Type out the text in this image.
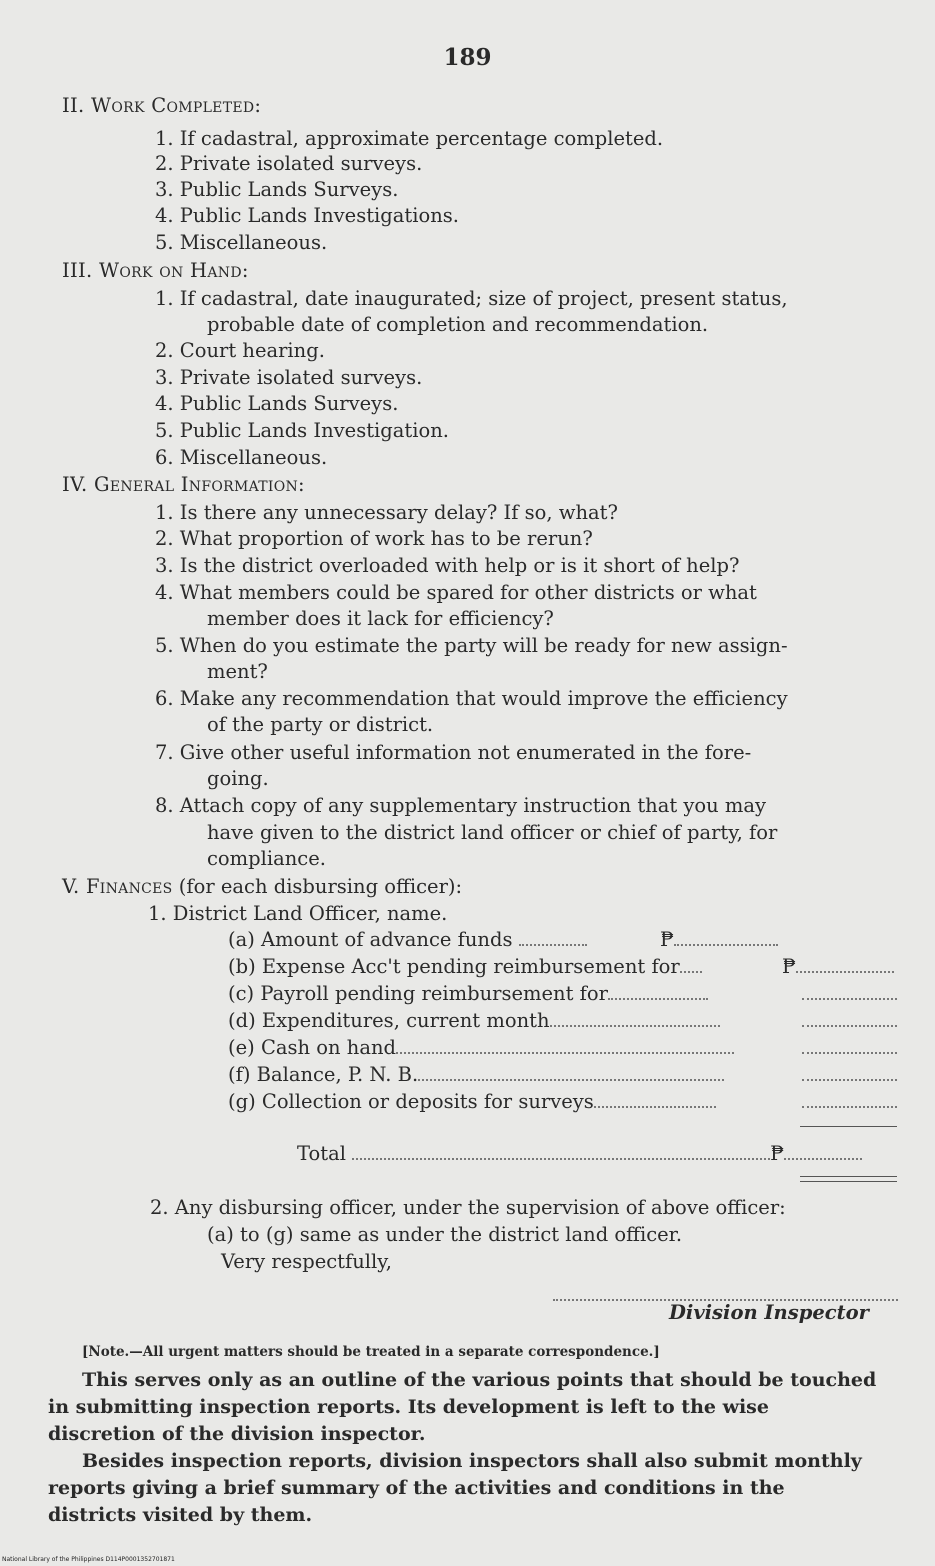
189
II. Work Completed:
1. If cadastral, approximate percentage completed.
2. Private isolated surveys.
3. Public Lands Surveys.
4. Public Lands Investigations.
5. Miscellaneous.
III. Work on Hand:
1. If cadastral, date inaugurated; size of project, present status,
probable date of completion and recommendation.
2. Court hearing.
3. Private isolated surveys.
4. Public Lands Surveys.
5. Public Lands Investigation.
6. Miscellaneous.
IV. General Information:
1. Is there any unnecessary delay? If so, what?
2. What proportion of work has to be rerun?
3. Is the district overloaded with help or is it short of help?
4. What members could be spared for other districts or what
member does it lack for efficiency?
5. When do you estimate the party will be ready for new assign-
ment?
6. Make any recommendation that would improve the efficiency
of the party or district.
7. Give other useful information not enumerated in the fore-
going.
8. Attach copy of any supplementary instruction that you may
have given to the district land officer or chief of party, for
compliance.
V. Finances (for each disbursing officer):
1. District Land Officer, name.
(a) Amount of advance funds	₱
(b) Expense Acc't pending reimbursement for	₱
(c) Payroll pending reimbursement for
(d) Expenditures, current month
(e) Cash on hand
(f) Balance, P. N. B.
(g) Collection or deposits for surveys
Total	₱
2. Any disbursing officer, under the supervision of above officer:
(a) to (g) same as under the district land officer.
Very respectfully,
Division Inspector
[Note.—All urgent matters should be treated in a separate correspondence.]
This serves only as an outline of the various points that should be touched
in submitting inspection reports. Its development is left to the wise
discretion of the division inspector.
Besides inspection reports, division inspectors shall also submit monthly
reports giving a brief summary of the activities and conditions in the
districts visited by them.
National Library of the Philippines D114P0001352701871
